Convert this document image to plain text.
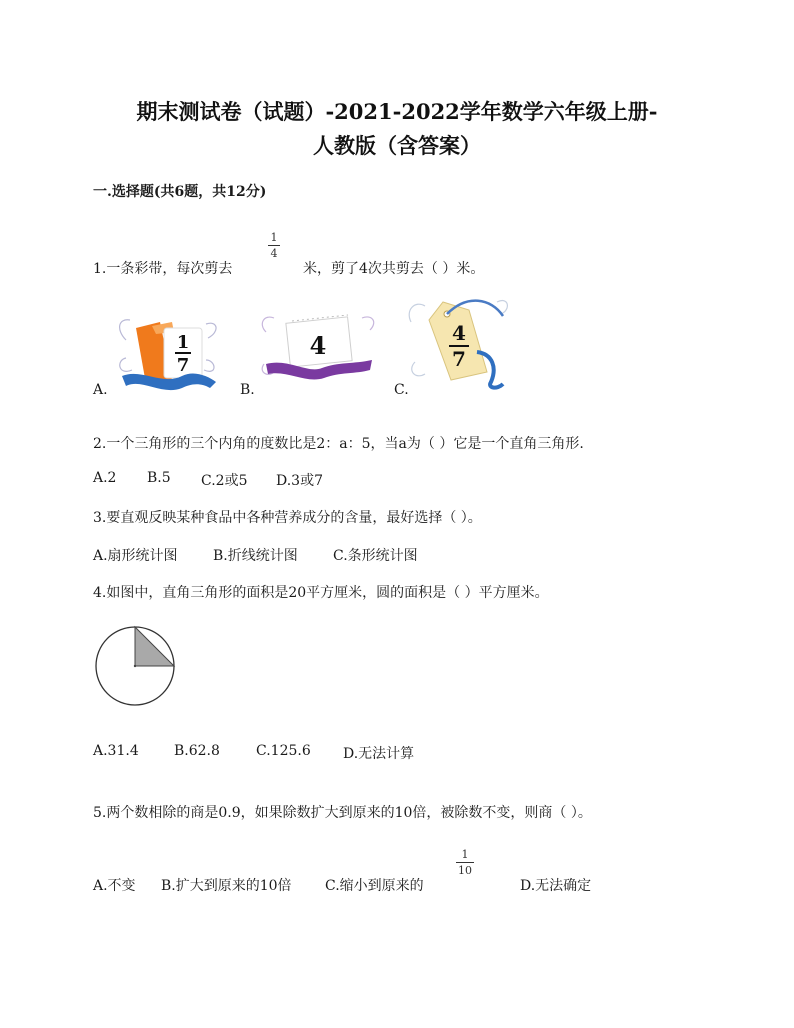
期末测试卷（试题）-2021-2022学年数学六年级上册-
人教版（含答案）
一.选择题(共6题，共12分)
1.一条彩带，每次剪去
1
4
米，剪了4次共剪去（ ）米。
A.
1
7
B.
4
C.
4
7
2.一个三角形的三个内角的度数比是2：a：5，当a为（ ）它是一个直角三角形.
A.2 B.5 C.2或5 D.3或7
3.要直观反映某种食品中各种营养成分的含量，最好选择（ ）。
A.扇形统计图	B.折线统计图	C.条形统计图
4.如图中，直角三角形的面积是20平方厘米，圆的面积是（ ）平方厘米。
A.31.4	B.62.8	C.125.6 D.无法计算
5.两个数相除的商是0.9，如果除数扩大到原来的10倍，被除数不变，则商（ ）。
A.不变 B.扩大到原来的10倍 C.缩小到原来的
1
10
D.无法确定
